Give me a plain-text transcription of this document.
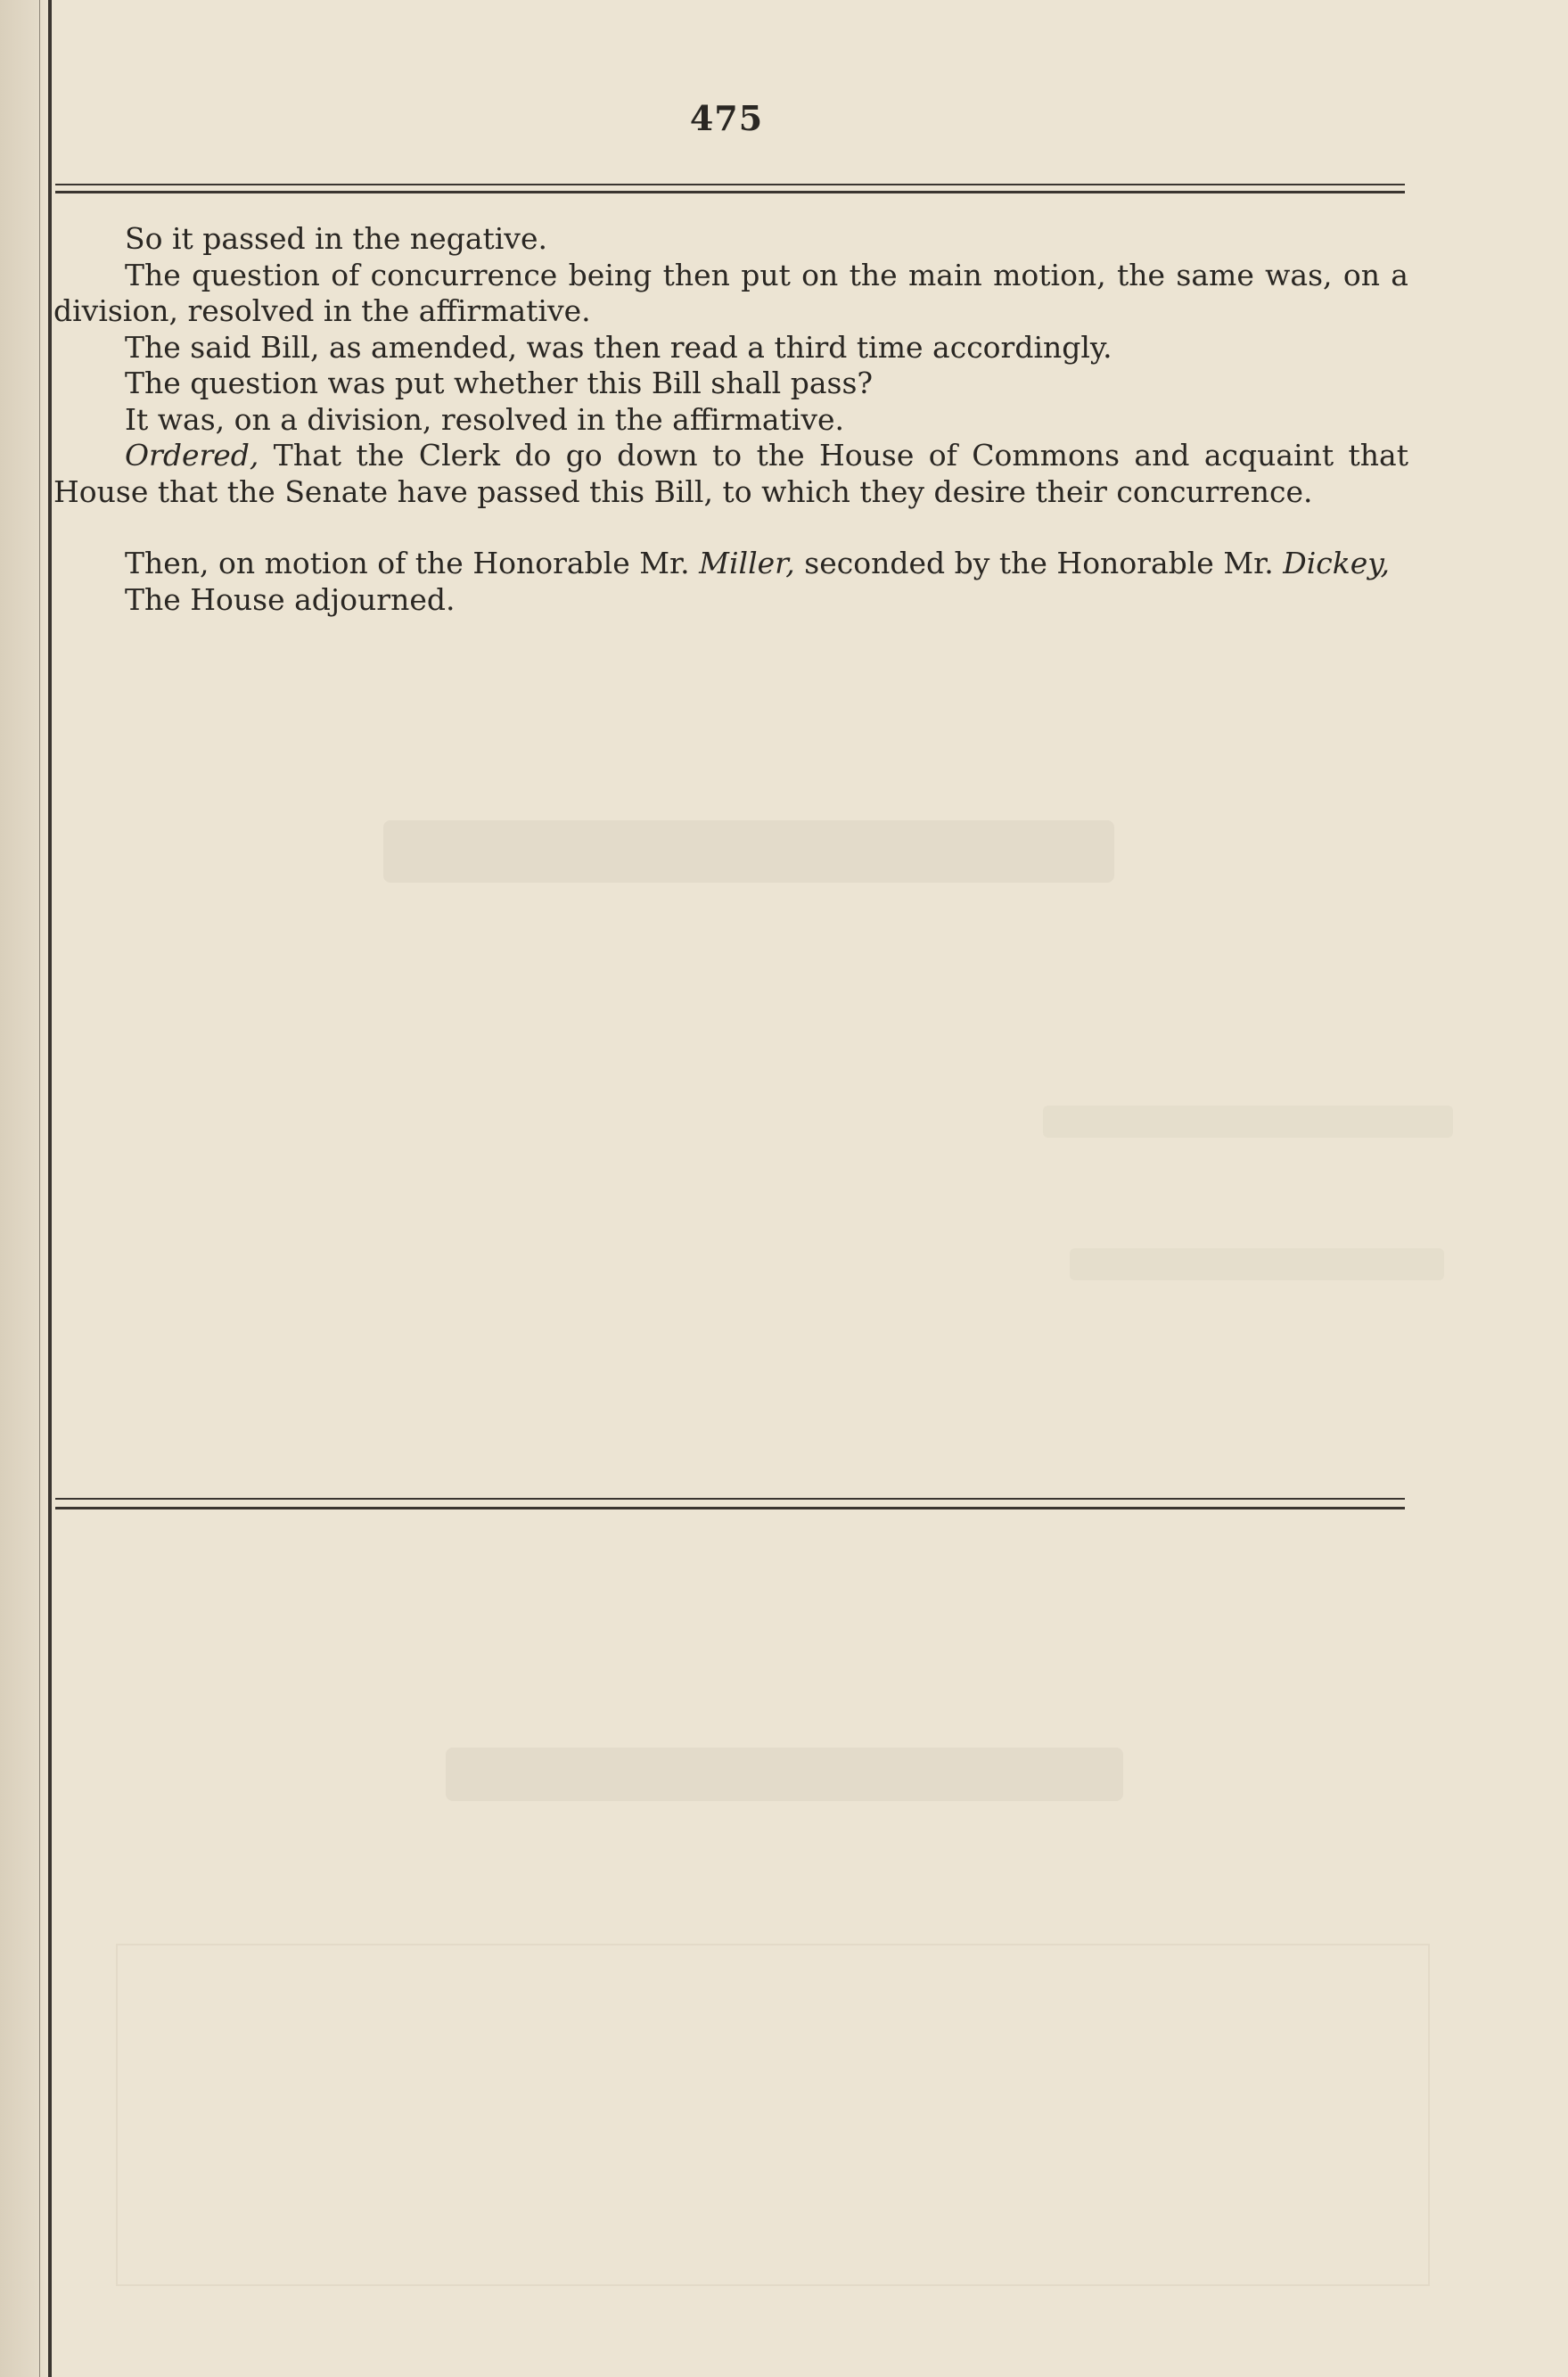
475

So it passed in the negative.

The question of concurrence being then put on the main motion, the same was, on a division, resolved in the affirmative.

The said Bill, as amended, was then read a third time accordingly.

The question was put whether this Bill shall pass?

It was, on a division, resolved in the affirmative.

Ordered, That the Clerk do go down to the House of Commons and acquaint that House that the Senate have passed this Bill, to which they desire their concurrence.

Then, on motion of the Honorable Mr. Miller, seconded by the Honorable Mr. Dickey,

The House adjourned.
